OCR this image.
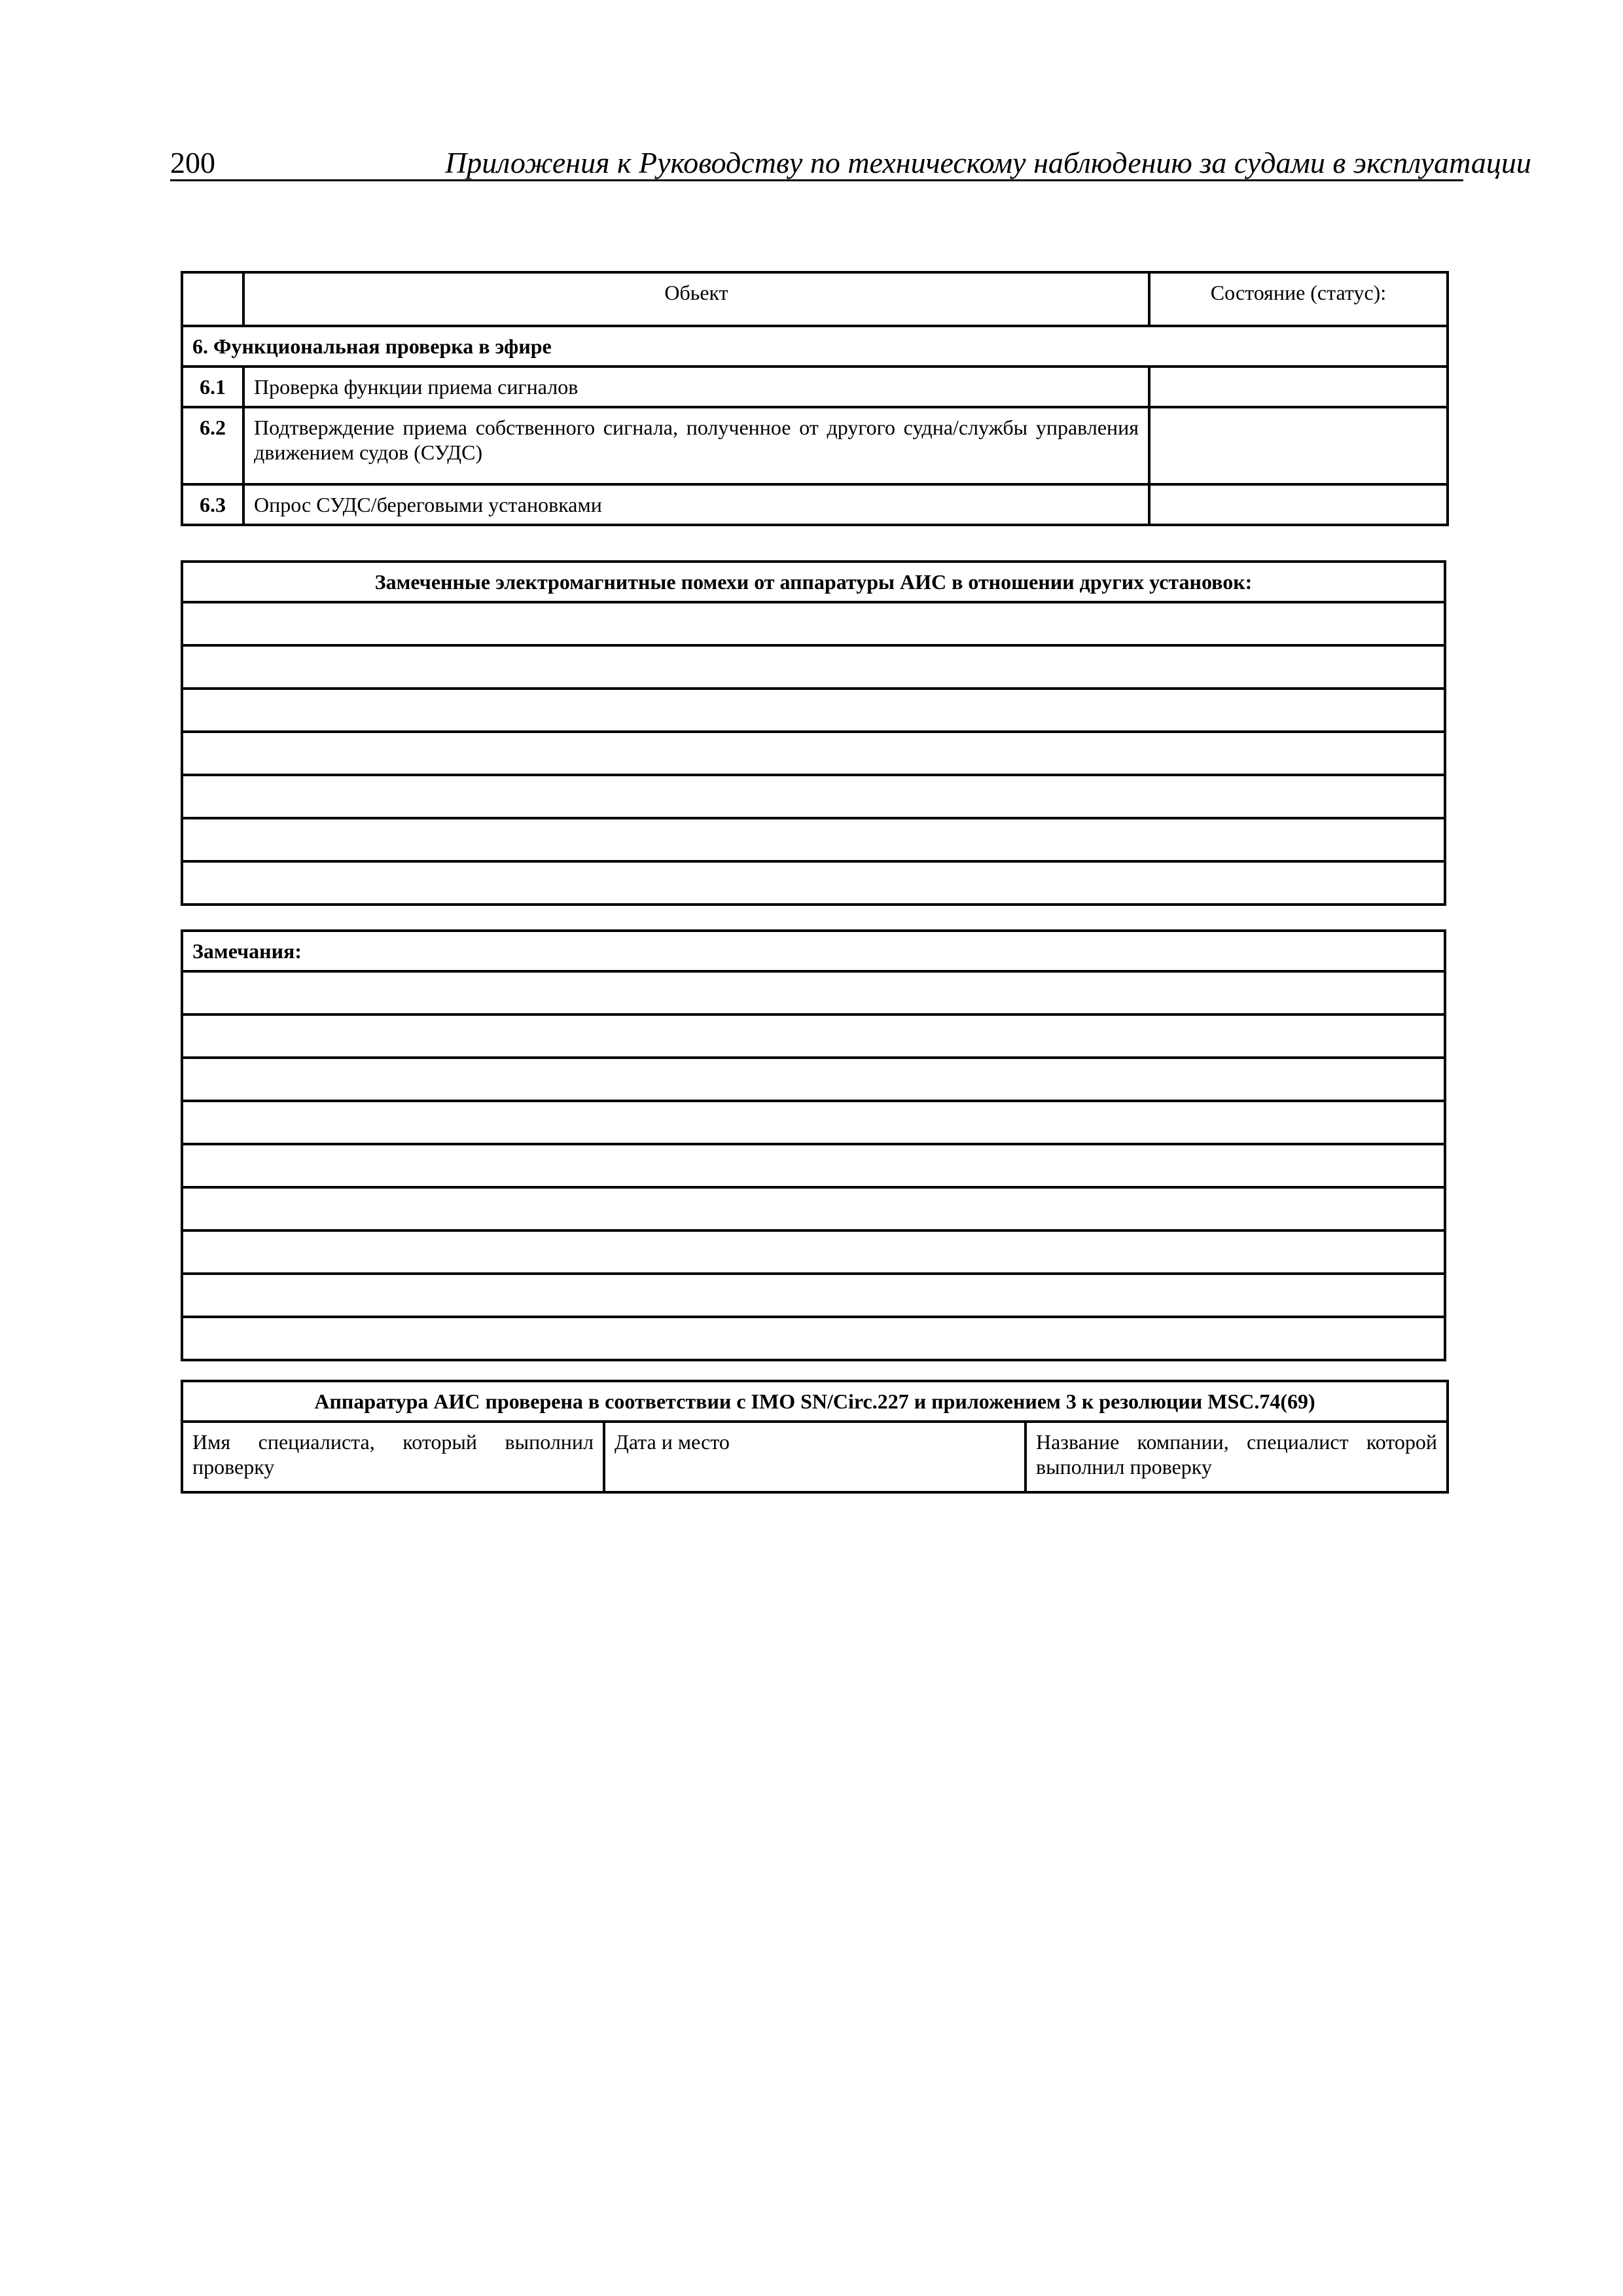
200	Приложения к Руководству по техническому наблюдению за судами в эксплуатации
	Обьект	Состояние (статус):
6. Функциональная проверка в эфире		
6.1	Проверка функции приема сигналов	
6.2	Подтверждение приема собственного сигнала, полученное от другого судна/службы управления движением судов (СУДС)	
6.3	Опрос СУДС/береговыми установками	
Замеченные электромагнитные помехи от аппаратуры АИС в отношении других установок:

Замечания:

Аппаратура АИС проверена в соответствии с IMO SN/Circ.227 и приложением 3 к резолюции MSC.74(69)
Имя специалиста, который выполнил проверку	Дата и место	Название компании, специалист которой выполнил проверку
